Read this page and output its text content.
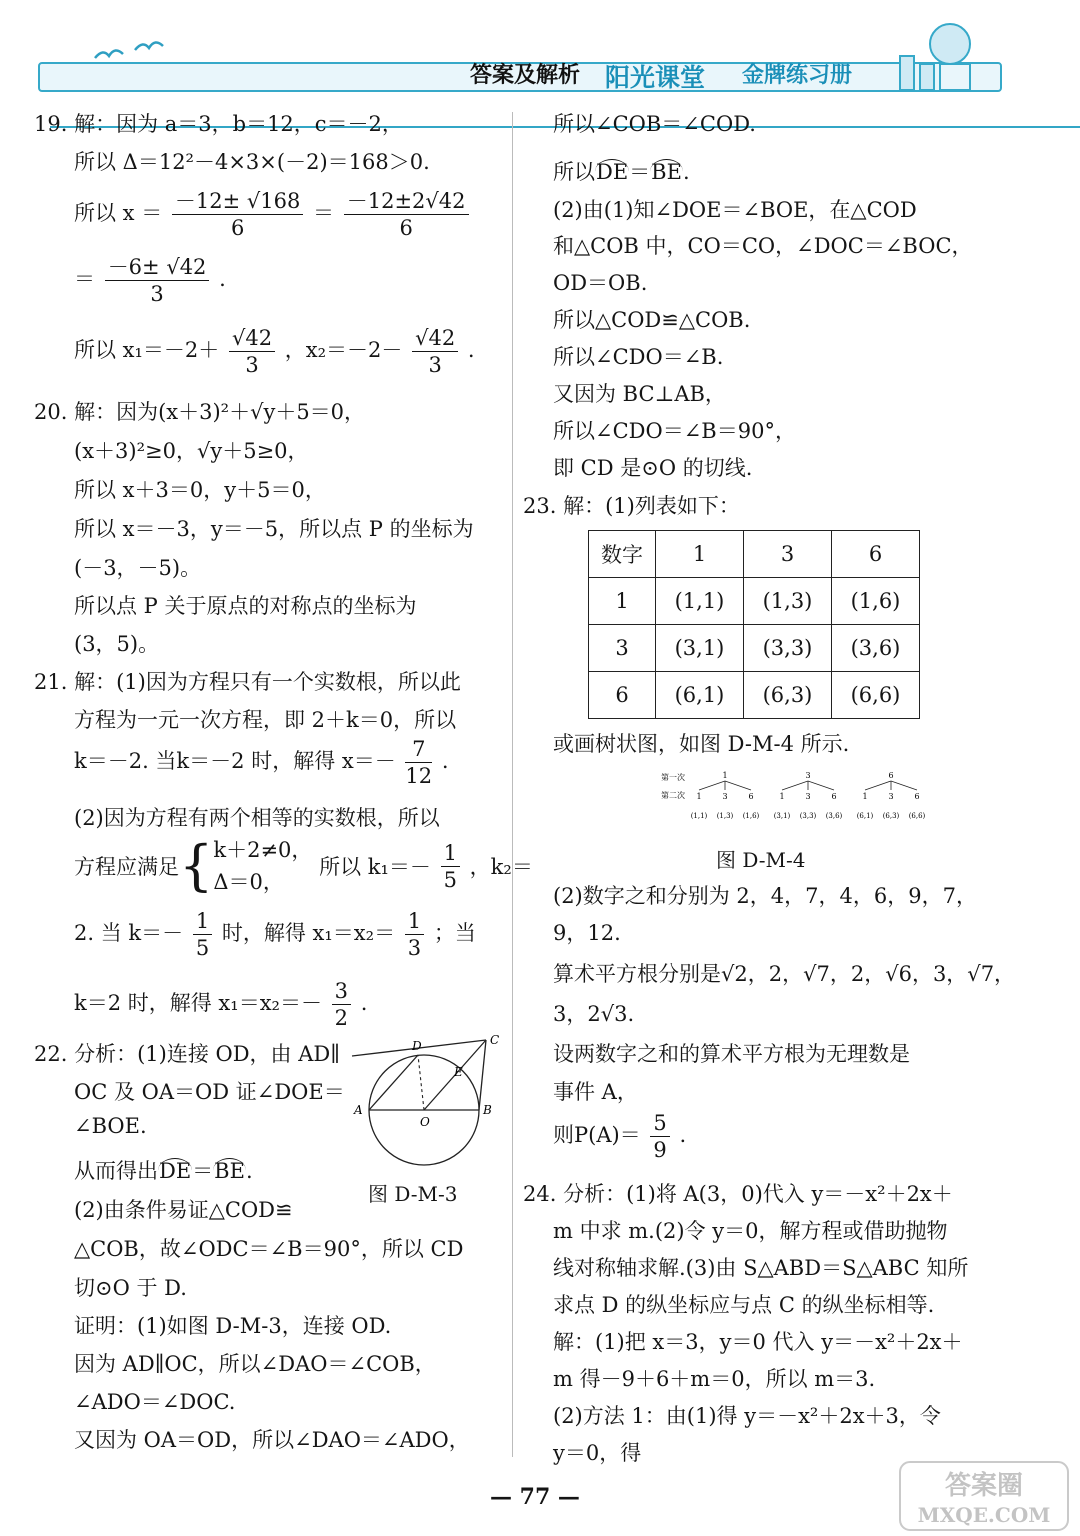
答案及解析 阳光课堂 金牌练习册
19. 解：因为 a＝3，b＝12，c＝－2，
所以 Δ＝12²－4×3×(－2)＝168＞0.
所以 $x = \frac{-12\pm √168}{6} = \frac{-12\pm 2√42}{6}$
＝ $\frac{-6\pm √42}{3}$ .
所以 $x_1=-2+ \frac{√42}{3}$ ，$x_2=-2- \frac{√42}{3}$ .
20. 解：因为(x＋3)²＋√y＋5＝0，
(x＋3)²≥0，√y＋5≥0，
所以 x＋3＝0，y＋5＝0，
所以 x＝－3，y＝－5，所以点 P 的坐标为
(－3，－5)。
所以点 P 关于原点的对称点的坐标为
(3，5)。
21. 解：(1)因为方程只有一个实数根，所以此
方程为一元一次方程，即 2＋k＝0，所以
k＝－2. 当k＝－2 时，解得 $x=- \frac{7}{12}$ .
(2)因为方程有两个相等的实数根，所以
方程应满足{ k＋2≠0，
Δ＝0，
所以 $k_1=- \frac{1}{5}$ ，k₂＝
2. 当 $k=- \frac{1}{5}$ 时，解得 $x_1=x_2= \frac{1}{3}$ ；当
k＝2 时，解得 $x_1=x_2=- \frac{3}{2}$ .
22. 分析：(1)连接 OD，由 AD∥
OC 及 OA＝OD 证∠DOE＝
∠BOE.
从而得出DE＝BE.
(2)由条件易证△COD≌
△COB，故∠ODC＝∠B＝90°，所以 CD
切⊙O 于 D.
证明：(1)如图 D-M-3，连接 OD.
因为 AD∥OC，所以∠DAO＝∠COB，
∠ADO＝∠DOC.
又因为 OA＝OD，所以∠DAO＝∠ADO，
D	C
E
A
O
B
图 D-M-3
所以∠COB＝∠COD.
所以DE＝BE.
(2)由(1)知∠DOE＝∠BOE，在△COD
和△COB 中，CO＝CO，∠DOC＝∠BOC，
OD＝OB.
所以△COD≌△COB.
所以∠CDO＝∠B.
又因为 BC⊥AB，
所以∠CDO＝∠B＝90°，
即 CD 是⊙O 的切线.
23. 解：(1)列表如下：
数字	1	3	6
1	(1,1)	(1,3)	(1,6)
3	(3,1)	(3,3)	(3,6)
6	(6,1)	(6,3)	(6,6)
或画树状图，如图 D-M-4 所示.
第一次
第二次
1
1
(1,1)
3
(1,3)
6
(1,6)
3
1
(3,1)
3
(3,3)
6
(3,6)
6
1
(6,1)
3
(6,3)
6
(6,6)
图 D-M-4
(2)数字之和分别为 2，4，7，4，6，9，7，
9，12.
算术平方根分别是√2，2，√7，2，√6，3，√7，
3，2√3.
设两数字之和的算术平方根为无理数是
事件 A，
则$P(A)= \frac{5}{9}$ .
24. 分析：(1)将 A(3，0)代入 y＝－x²＋2x＋
m 中求 m.(2)令 y＝0，解方程或借助抛物
线对称轴求解.(3)由 S△ABD＝S△ABC 知所
求点 D 的纵坐标应与点 C 的纵坐标相等.
解：(1)把 x＝3，y＝0 代入 y＝－x²＋2x＋
m 得－9＋6＋m＝0，所以 m＝3.
(2)方法 1：由(1)得 y＝－x²＋2x＋3，令
y＝0，得
— 77 —	答案圈
MXQE.COM
